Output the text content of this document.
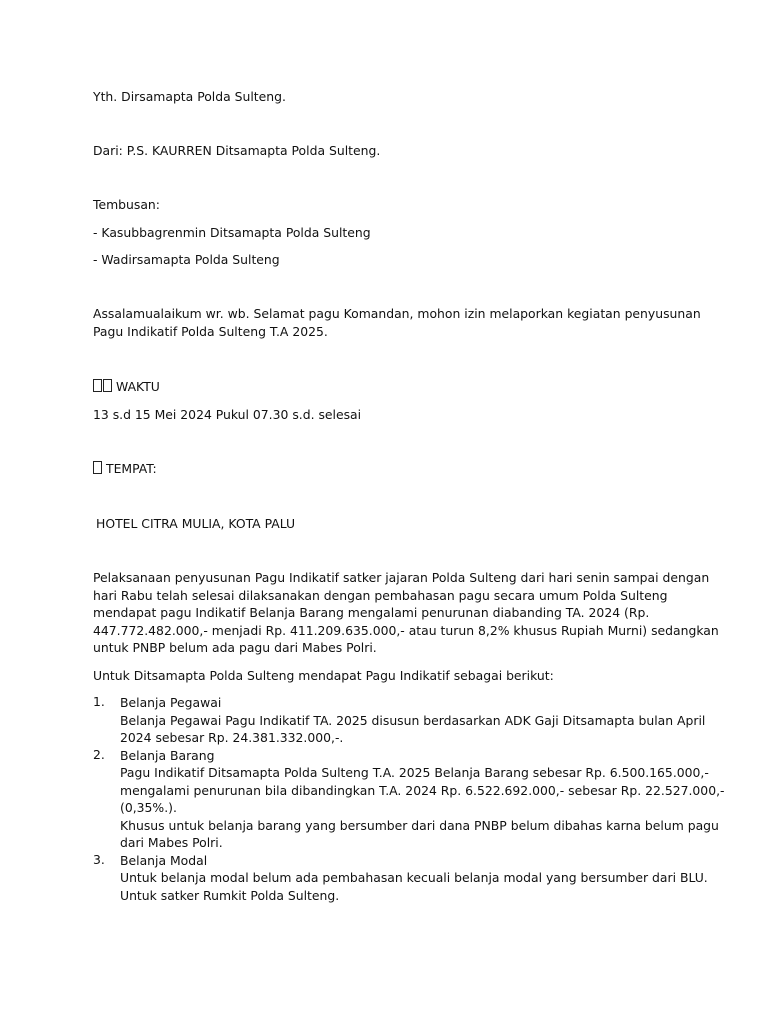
Yth. Dirsamapta Polda Sulteng.
Dari: P.S. KAURREN Ditsamapta Polda Sulteng.
Tembusan:
- Kasubbagrenmin Ditsamapta Polda Sulteng
- Wadirsamapta Polda Sulteng
Assalamualaikum wr. wb. Selamat pagu Komandan, mohon izin melaporkan kegiatan penyusunan
Pagu Indikatif Polda Sulteng T.A 2025.
WAKTU
13 s.d 15 Mei 2024 Pukul 07.30 s.d. selesai
TEMPAT:
HOTEL CITRA MULIA, KOTA PALU
Pelaksanaan penyusunan Pagu Indikatif satker jajaran Polda Sulteng dari hari senin sampai dengan
hari Rabu telah selesai dilaksanakan dengan pembahasan pagu secara umum Polda Sulteng
mendapat pagu Indikatif Belanja Barang mengalami penurunan diabanding TA. 2024 (Rp.
447.772.482.000,- menjadi Rp. 411.209.635.000,- atau turun 8,2% khusus Rupiah Murni) sedangkan
untuk PNBP belum ada pagu dari Mabes Polri.
Untuk Ditsamapta Polda Sulteng mendapat Pagu Indikatif sebagai berikut:
1.	Belanja Pegawai
Belanja Pegawai Pagu Indikatif TA. 2025 disusun berdasarkan ADK Gaji Ditsamapta bulan April
2024 sebesar Rp. 24.381.332.000,-.
2.	Belanja Barang
Pagu Indikatif Ditsamapta Polda Sulteng T.A. 2025 Belanja Barang sebesar Rp. 6.500.165.000,-
mengalami penurunan bila dibandingkan T.A. 2024 Rp. 6.522.692.000,- sebesar Rp. 22.527.000,-
(0,35%.).
Khusus untuk belanja barang yang bersumber dari dana PNBP belum dibahas karna belum pagu
dari Mabes Polri.
3.	Belanja Modal
Untuk belanja modal belum ada pembahasan kecuali belanja modal yang bersumber dari BLU.
Untuk satker Rumkit Polda Sulteng.
